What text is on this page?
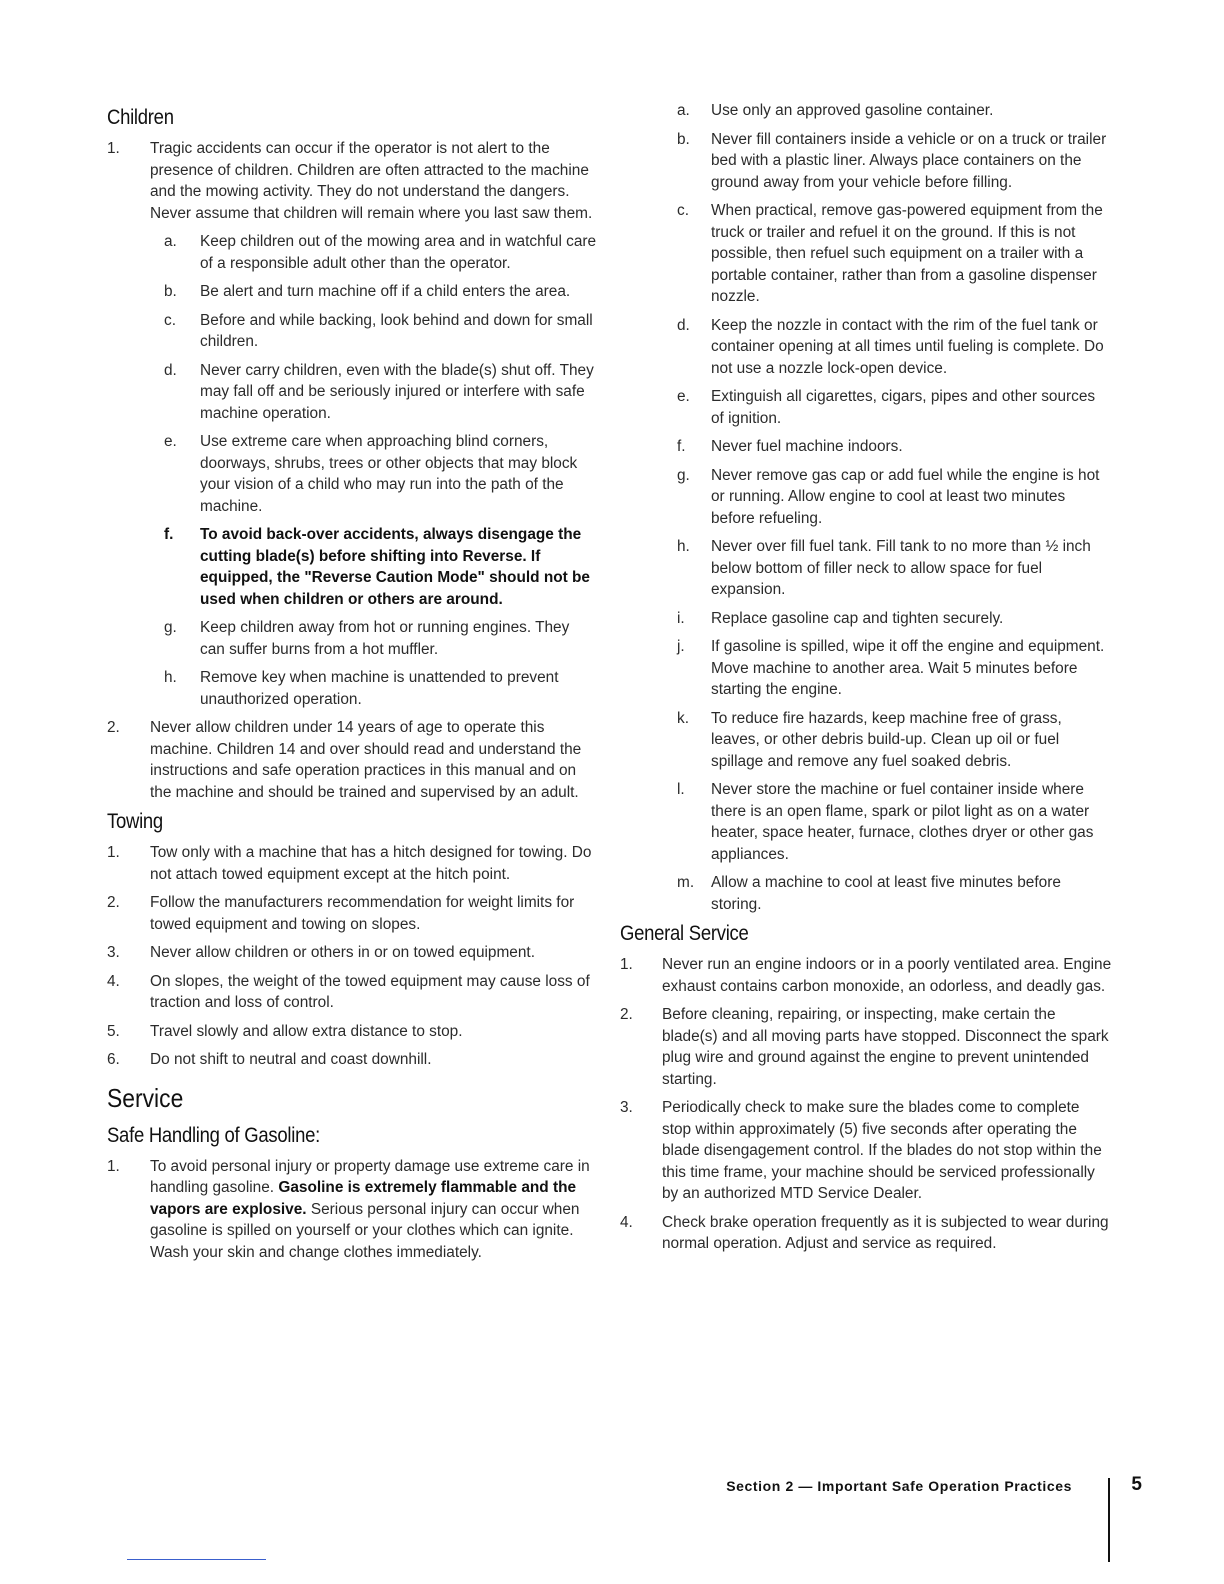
Children
1. Tragic accidents can occur if the operator is not alert to the presence of children. Children are often attracted to the machine and the mowing activity. They do not understand the dangers. Never assume that children will remain where you last saw them.
a. Keep children out of the mowing area and in watchful care of a responsible adult other than the operator.
b. Be alert and turn machine off if a child enters the area.
c. Before and while backing, look behind and down for small children.
d. Never carry children, even with the blade(s) shut off. They may fall off and be seriously injured or interfere with safe machine operation.
e. Use extreme care when approaching blind corners, doorways, shrubs, trees or other objects that may block your vision of a child who may run into the path of the machine.
f. To avoid back-over accidents, always disengage the cutting blade(s) before shifting into Reverse. If equipped, the "Reverse Caution Mode" should not be used when children or others are around.
g. Keep children away from hot or running engines. They can suffer burns from a hot muffler.
h. Remove key when machine is unattended to prevent unauthorized operation.
2. Never allow children under 14 years of age to operate this machine. Children 14 and over should read and understand the instructions and safe operation practices in this manual and on the machine and should be trained and supervised by an adult.
Towing
1. Tow only with a machine that has a hitch designed for towing. Do not attach towed equipment except at the hitch point.
2. Follow the manufacturers recommendation for weight limits for towed equipment and towing on slopes.
3. Never allow children or others in or on towed equipment.
4. On slopes, the weight of the towed equipment may cause loss of traction and loss of control.
5. Travel slowly and allow extra distance to stop.
6. Do not shift to neutral and coast downhill.
Service
Safe Handling of Gasoline:
1. To avoid personal injury or property damage use extreme care in handling gasoline. Gasoline is extremely flammable and the vapors are explosive. Serious personal injury can occur when gasoline is spilled on yourself or your clothes which can ignite. Wash your skin and change clothes immediately.
a. Use only an approved gasoline container.
b. Never fill containers inside a vehicle or on a truck or trailer bed with a plastic liner. Always place containers on the ground away from your vehicle before filling.
c. When practical, remove gas-powered equipment from the truck or trailer and refuel it on the ground. If this is not possible, then refuel such equipment on a trailer with a portable container, rather than from a gasoline dispenser nozzle.
d. Keep the nozzle in contact with the rim of the fuel tank or container opening at all times until fueling is complete. Do not use a nozzle lock-open device.
e. Extinguish all cigarettes, cigars, pipes and other sources of ignition.
f. Never fuel machine indoors.
g. Never remove gas cap or add fuel while the engine is hot or running. Allow engine to cool at least two minutes before refueling.
h. Never over fill fuel tank. Fill tank to no more than ½ inch below bottom of filler neck to allow space for fuel expansion.
i. Replace gasoline cap and tighten securely.
j. If gasoline is spilled, wipe it off the engine and equipment. Move machine to another area. Wait 5 minutes before starting the engine.
k. To reduce fire hazards, keep machine free of grass, leaves, or other debris build-up. Clean up oil or fuel spillage and remove any fuel soaked debris.
l. Never store the machine or fuel container inside where there is an open flame, spark or pilot light as on a water heater, space heater, furnace, clothes dryer or other gas appliances.
m. Allow a machine to cool at least five minutes before storing.
General Service
1. Never run an engine indoors or in a poorly ventilated area. Engine exhaust contains carbon monoxide, an odorless, and deadly gas.
2. Before cleaning, repairing, or inspecting, make certain the blade(s) and all moving parts have stopped. Disconnect the spark plug wire and ground against the engine to prevent unintended starting.
3. Periodically check to make sure the blades come to complete stop within approximately (5) five seconds after operating the blade disengagement control. If the blades do not stop within the this time frame, your machine should be serviced professionally by an authorized MTD Service Dealer.
4. Check brake operation frequently as it is subjected to wear during normal operation. Adjust and service as required.
Section 2 — Important Safe Operation Practices	5
